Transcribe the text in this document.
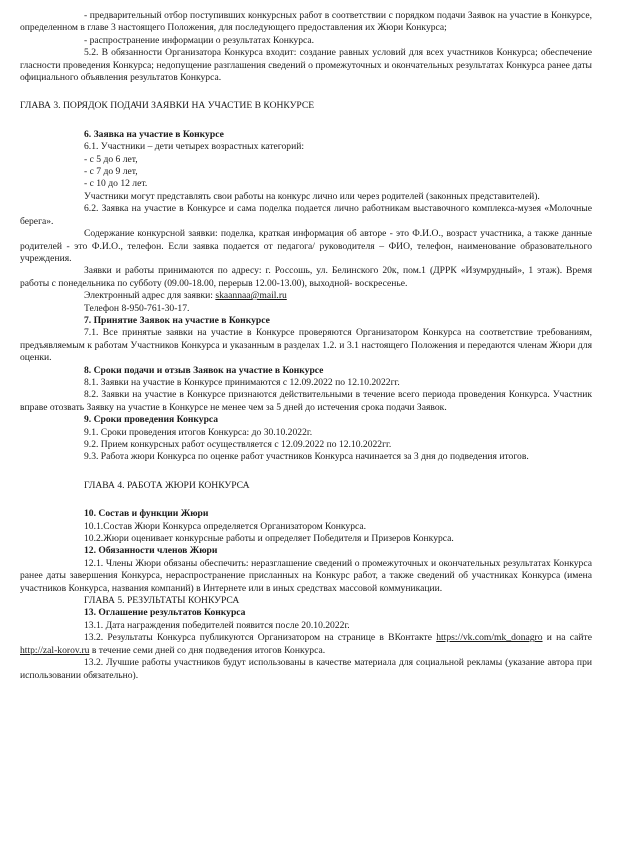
- предварительный отбор поступивших конкурсных работ в соответствии с порядком подачи Заявок на участие в Конкурсе, определенном в главе 3 настоящего Положения, для последующего предоставления их Жюри Конкурса;

- распространение информации о результатах Конкурса.

5.2. В обязанности Организатора Конкурса входит: создание равных условий для всех участников Конкурса; обеспечение гласности проведения Конкурса; недопущение разглашения сведений о промежуточных и окончательных результатах Конкурса ранее даты официального объявления результатов Конкурса.

ГЛАВА 3. ПОРЯДОК ПОДАЧИ ЗАЯВКИ НА УЧАСТИЕ В КОНКУРСЕ

6. Заявка на участие в Конкурсе

6.1. Участники – дети четырех возрастных категорий:

- с 5 до 6 лет,

- с 7 до 9 лет,

- с 10 до 12 лет.

Участники могут представлять свои работы на конкурс лично или через родителей (законных представителей).

6.2. Заявка на участие в Конкурсе и сама поделка подается лично работникам выставочного комплекса-музея «Молочные берега».

Содержание конкурсной заявки: поделка, краткая информация об авторе - это Ф.И.О., возраст участника, а также данные родителей - это Ф.И.О., телефон. Если заявка подается от педагога/ руководителя – ФИО, телефон, наименование образовательного учреждения.

Заявки и работы принимаются по адресу: г. Россошь, ул. Белинского 20к, пом.1 (ДРРК «Изумрудный», 1 этаж). Время работы с понедельника по субботу (09.00-18.00, перерыв 12.00-13.00), выходной- воскресенье.

Электронный адрес для заявки: skaannaa@mail.ru

Телефон 8-950-761-30-17.

7. Принятие Заявок на участие в Конкурсе

7.1. Все принятые заявки на участие в Конкурсе проверяются Организатором Конкурса на соответствие требованиям, предъявляемым к работам Участников Конкурса и указанным в разделах 1.2. и 3.1 настоящего Положения и передаются членам Жюри для оценки.

8. Сроки подачи и отзыв Заявок на участие в Конкурсе

8.1. Заявки на участие в Конкурсе принимаются с 12.09.2022 по 12.10.2022гг.

8.2. Заявки на участие в Конкурсе признаются действительными в течение всего периода проведения Конкурса. Участник вправе отозвать Заявку на участие в Конкурсе не менее чем за 5 дней до истечения срока подачи Заявок.

9. Сроки проведения Конкурса

9.1. Сроки проведения итогов Конкурса: до 30.10.2022г.

9.2. Прием конкурсных работ осуществляется с 12.09.2022 по 12.10.2022гг.

9.3. Работа жюри Конкурса по оценке работ участников Конкурса начинается за 3 дня до подведения итогов.

ГЛАВА 4. РАБОТА ЖЮРИ КОНКУРСА

10. Состав и функции Жюри

10.1.Состав Жюри Конкурса определяется Организатором Конкурса.

10.2.Жюри оценивает конкурсные работы и определяет Победителя и Призеров Конкурса.

12. Обязанности членов Жюри

12.1. Члены Жюри обязаны обеспечить: неразглашение сведений о промежуточных и окончательных результатах Конкурса ранее даты завершения Конкурса, нераспространение присланных на Конкурс работ, а также сведений об участниках Конкурса (имена участников Конкурса, названия компаний) в Интернете или в иных средствах массовой коммуникации.

ГЛАВА 5. РЕЗУЛЬТАТЫ КОНКУРСА

13. Оглашение результатов Конкурса

13.1. Дата награждения победителей появится после 20.10.2022г.

13.2. Результаты Конкурса публикуются Организатором на странице в ВКонтакте https://vk.com/mk_donagro и на сайте http://zal-korov.ru в течение семи дней со дня подведения итогов Конкурса.

13.2. Лучшие работы участников будут использованы в качестве материала для социальной рекламы (указание автора при использовании обязательно).
